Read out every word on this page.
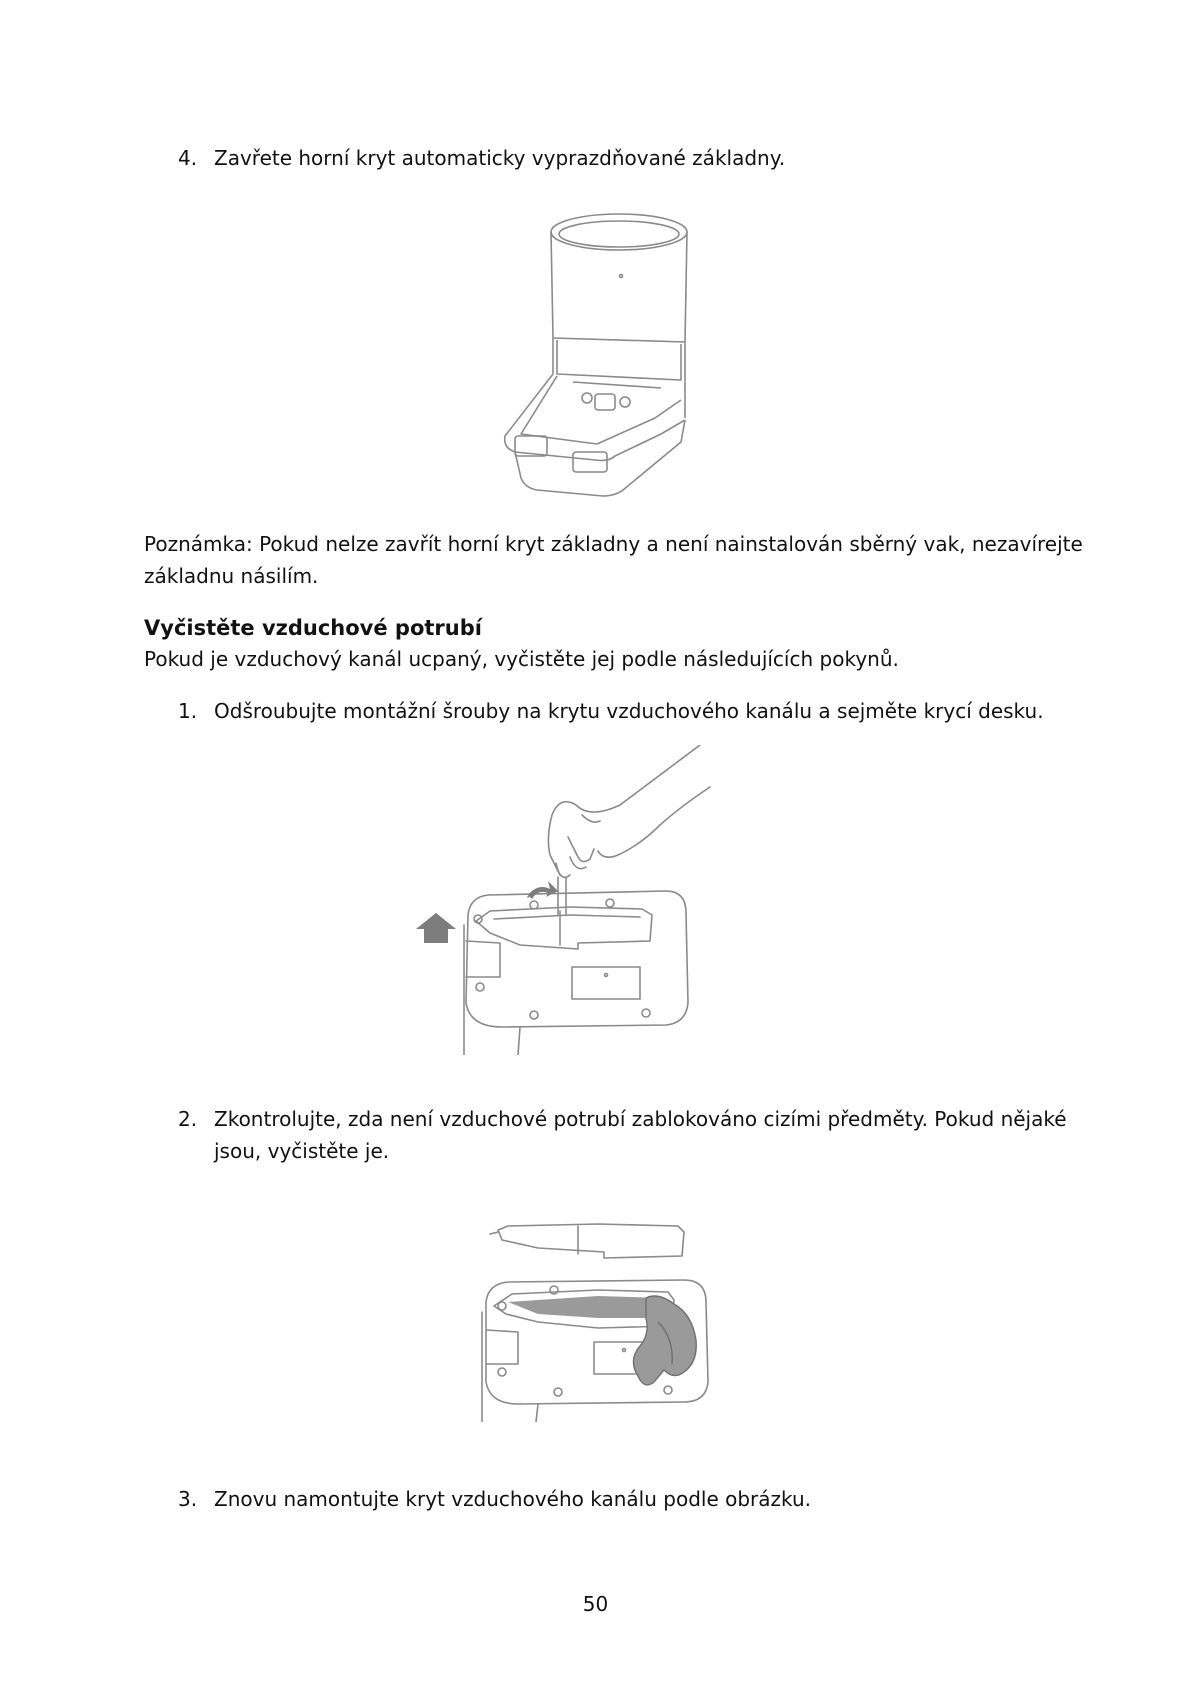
4. Zavřete horní kryt automaticky vyprazdňované základny.
Poznámka: Pokud nelze zavřít horní kryt základny a není nainstalován sběrný vak, nezavírejte
základnu násilím.
Vyčistěte vzduchové potrubí
Pokud je vzduchový kanál ucpaný, vyčistěte jej podle následujících pokynů.
1. Odšroubujte montážní šrouby na krytu vzduchového kanálu a sejměte krycí desku.
2. Zkontrolujte, zda není vzduchové potrubí zablokováno cizími předměty. Pokud nějaké
jsou, vyčistěte je.
3. Znovu namontujte kryt vzduchového kanálu podle obrázku.
50
